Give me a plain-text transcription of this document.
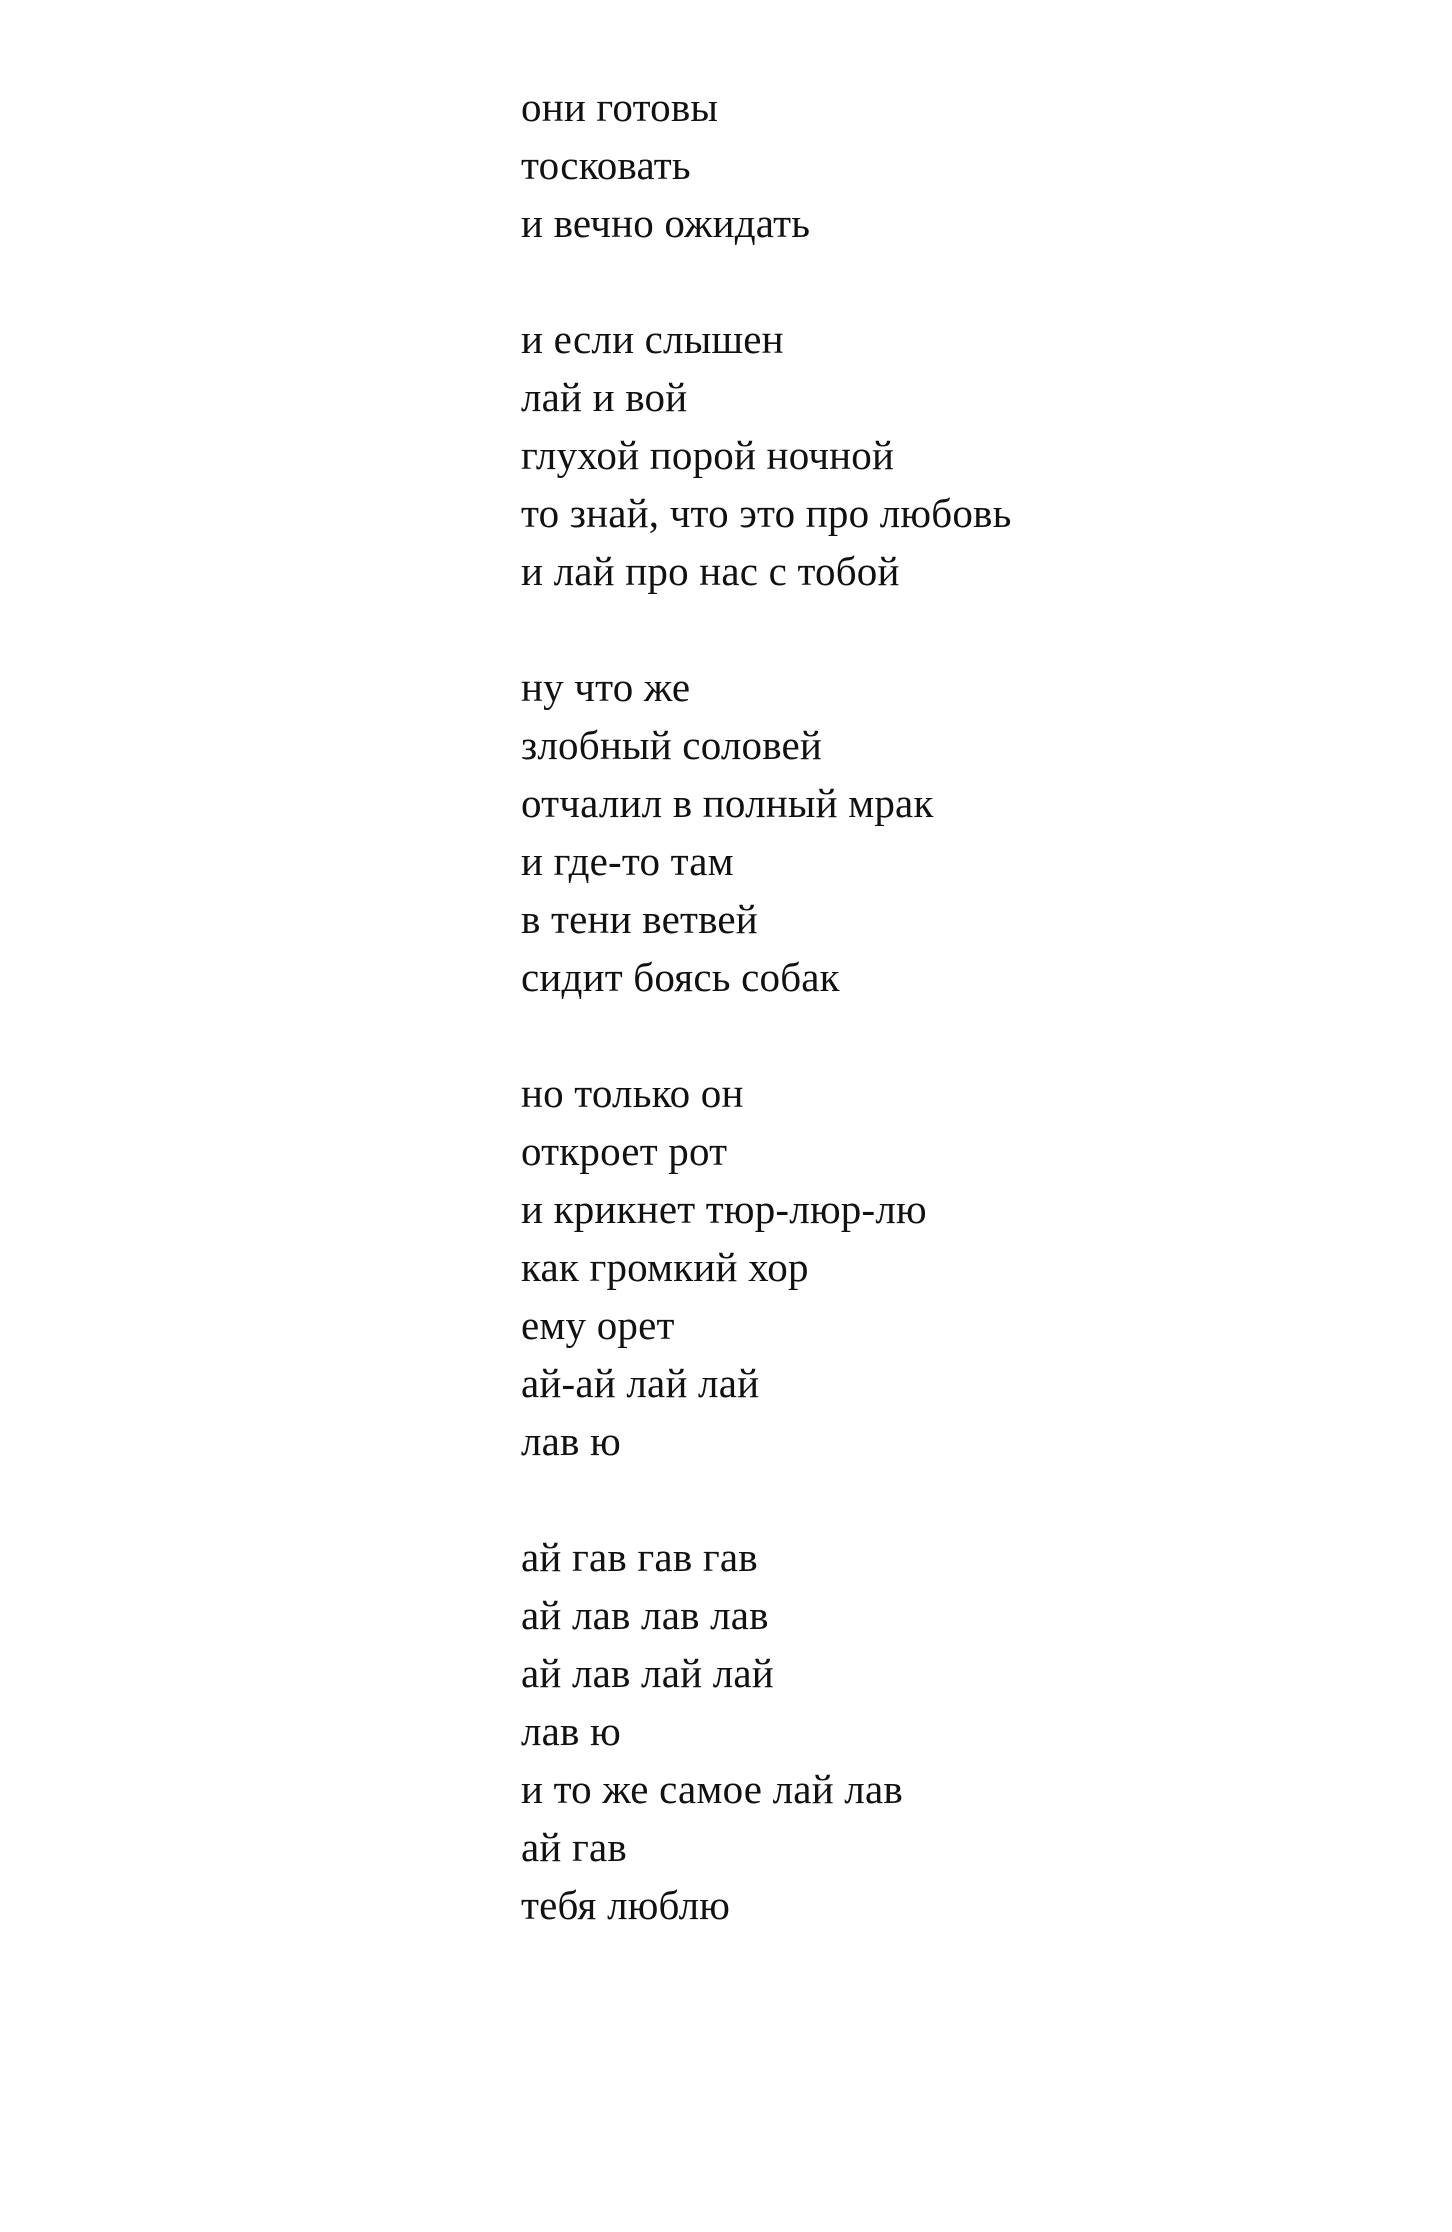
они готовы
тосковать
и вечно ожидать
и если слышен
лай и вой
глухой порой ночной
то знай, что это про любовь
и лай про нас с тобой
ну что же
злобный соловей
отчалил в полный мрак
и где-то там
в тени ветвей
сидит боясь собак
но только он
откроет рот
и крикнет тюр-люр-лю
как громкий хор
ему орет
ай-ай лай лай
лав ю
ай гав гав гав
ай лав лав лав
ай лав лай лай
лав ю
и то же самое лай лав
ай гав
тебя люблю
